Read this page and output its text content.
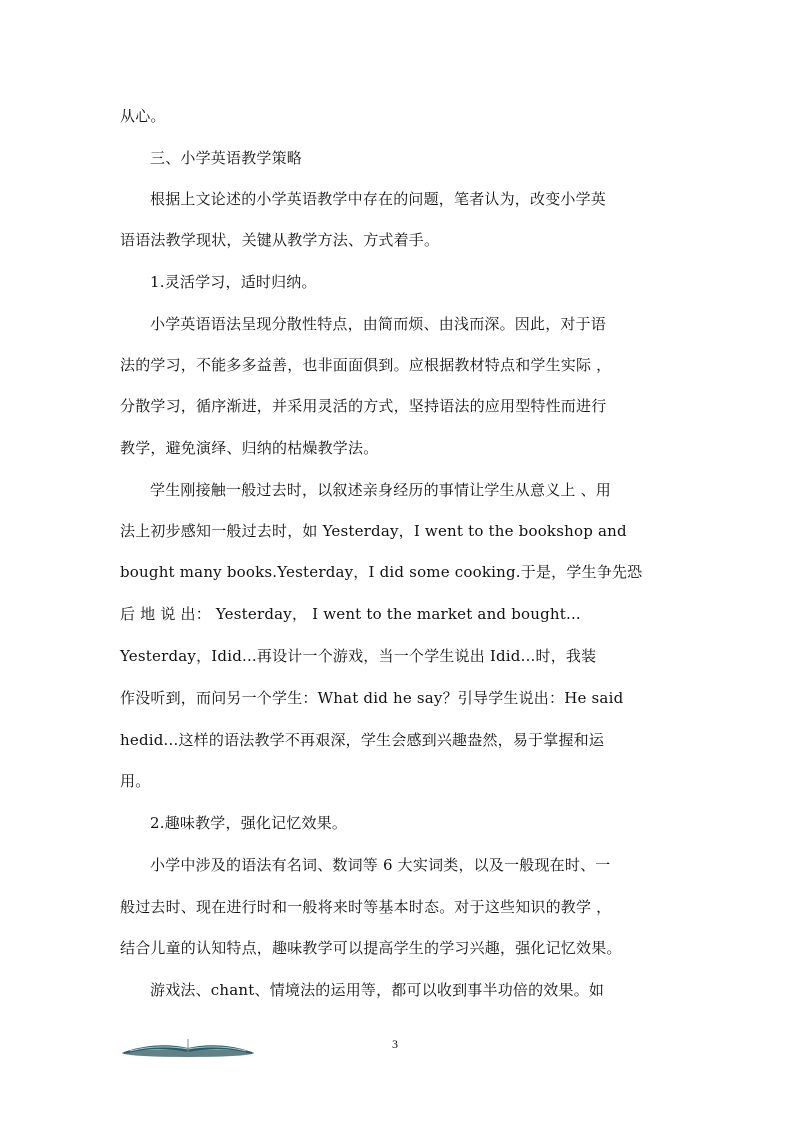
从心。
三、小学英语教学策略
根据上文论述的小学英语教学中存在的问题，笔者认为，改变小学英
语语法教学现状，关键从教学方法、方式着手。
1.灵活学习，适时归纳。
小学英语语法呈现分散性特点，由简而烦、由浅而深。因此，对于语
法的学习，不能多多益善，也非面面俱到。应根据教材特点和学生实际 ，
分散学习，循序渐进，并采用灵活的方式，坚持语法的应用型特性而进行
教学，避免演绎、归纳的枯燥教学法。
学生刚接触一般过去时，以叙述亲身经历的事情让学生从意义上 、用
法上初步感知一般过去时，如 Yesterday，I went to the bookshop and
bought many books.Yesterday，I did some cooking.于是，学生争先恐
后 地 说 出： Yesterday， I went to the market and bought...
Yesterday，Idid...再设计一个游戏，当一个学生说出 Idid...时，我装
作没听到，而问另一个学生：What did he say？引导学生说出：He said
hedid...这样的语法教学不再艰深，学生会感到兴趣盎然，易于掌握和运
用。
2.趣味教学，强化记忆效果。
小学中涉及的语法有名词、数词等 6 大实词类，以及一般现在时、一
般过去时、现在进行时和一般将来时等基本时态。对于这些知识的教学 ，
结合儿童的认知特点，趣味教学可以提高学生的学习兴趣，强化记忆效果。
游戏法、chant、情境法的运用等，都可以收到事半功倍的效果。如
3
